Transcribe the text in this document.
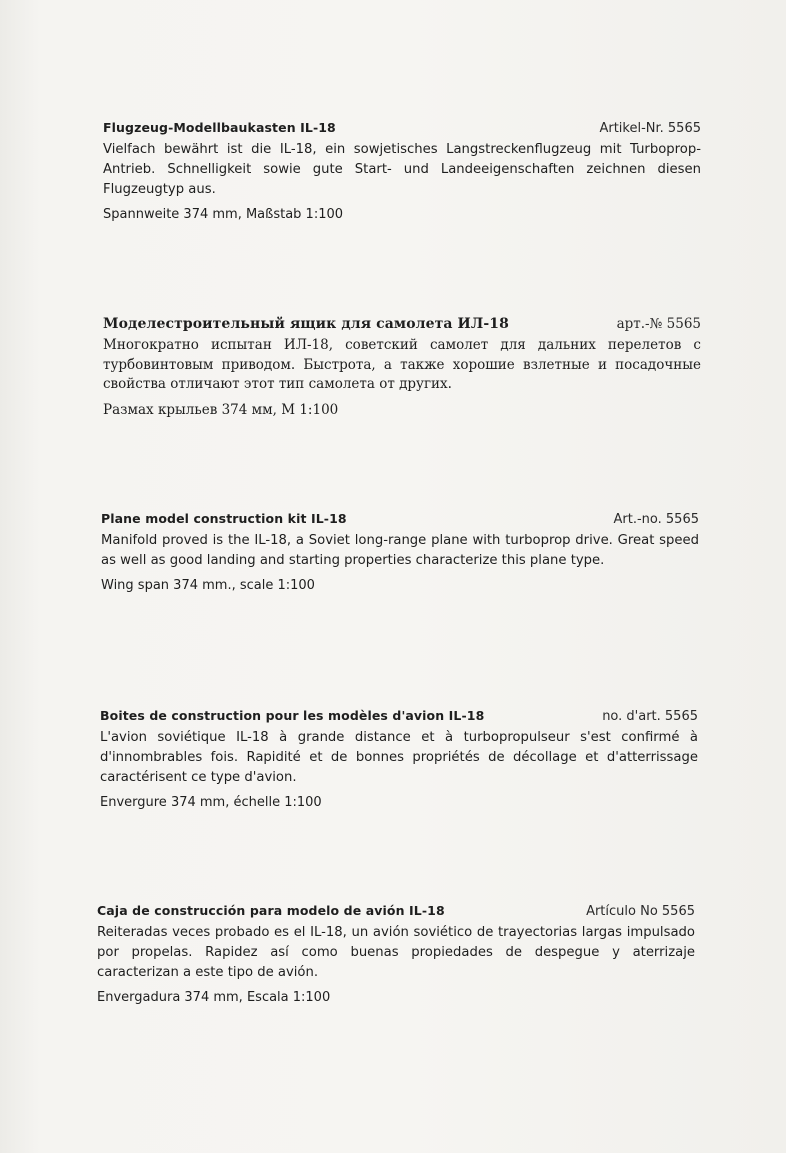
Flugzeug-Modellbaukasten IL-18	Artikel-Nr. 5565
Vielfach bewährt ist die IL-18, ein sowjetisches Langstreckenflugzeug mit Turboprop-Antrieb. Schnelligkeit sowie gute Start- und Landeeigenschaften zeichnen diesen Flugzeugtyp aus.
Spannweite 374 mm, Maßstab 1:100
Моделестроительный ящик для самолета ИЛ-18	арт.-№ 5565
Многократно испытан ИЛ-18, советский самолет для дальних перелетов с турбовинтовым приводом. Быстрота, а также хорошие взлетные и посадочные свойства отличают этот тип самолета от других.
Размах крыльев 374 мм, М 1:100
Plane model construction kit IL-18	Art.-no. 5565
Manifold proved is the IL-18, a Soviet long-range plane with turboprop drive. Great speed as well as good landing and starting properties characterize this plane type.
Wing span 374 mm., scale 1:100
Boites de construction pour les modèles d'avion IL-18	no. d'art. 5565
L'avion soviétique IL-18 à grande distance et à turbopropulseur s'est confirmé à d'innombrables fois. Rapidité et de bonnes propriétés de décollage et d'atterrissage caractérisent ce type d'avion.
Envergure 374 mm, échelle 1:100
Caja de construcción para modelo de avión IL-18	Artículo No 5565
Reiteradas veces probado es el IL-18, un avión soviético de trayectorias largas impulsado por propelas. Rapidez así como buenas propiedades de despegue y aterrizaje caracterizan a este tipo de avión.
Envergadura 374 mm, Escala 1:100
